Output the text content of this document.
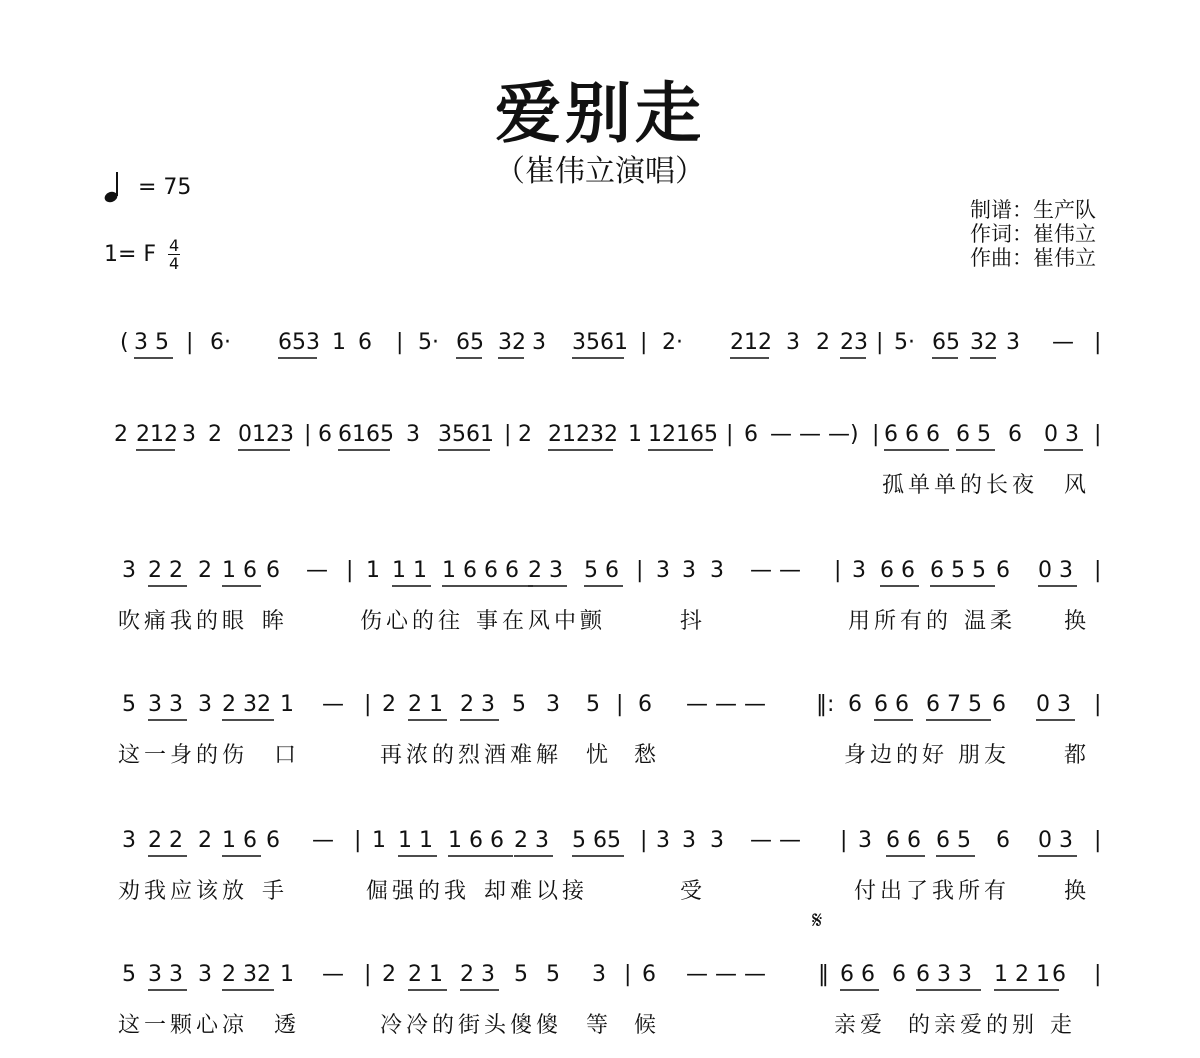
爱别走
（崔伟立演唱）
= 75
1= F 4
4
制谱：生产队
作词：崔伟立
作曲：崔伟立
𝄋
( 3 5 | 6· 653 1 6 | 5· 65 32 3 3561 | 2· 212 3 2 23 | 5· 65 32 3 — |
2 212 3 2 0123 | 6 6165 3 3561 | 2 21232 1 12165 | 6 — — —) | 6 6 6 6 5 6 0 3 |
孤单单的长夜 风
3 2 2 2 1 6 6 — | 1 1 1 1 6 6 6 2 3 5 6 | 3 3 3 — — | 3 6 6 6 5 5 6 0 3 |
吹痛我的眼 眸	伤心的往 事在风中颤	抖	用所有的 温柔 换
5 3 3 3 2 32 1 — | 2 2 1 2 3 5 3 5 | 6 — — — ‖: 6 6 6 6 7 5 6 0 3 |
这一身的伤 口	再浓的烈酒难解 忧 愁	身边的好 朋友 都
3 2 2 2 1 6 6 — | 1 1 1 1 6 6 2 3 5 65 | 3 3 3 — — | 3 6 6 6 5 6 0 3 |
劝我应该放 手	倔强的我 却难以接	受	付出了我所有 换
5 3 3 3 2 32 1 — | 2 2 1 2 3 5 5 3 | 6 — — — ‖ 6 6 6 6 3 3 1 2 1 6 |
这一颗心凉 透	冷冷的街头傻傻 等 候	亲爱 的亲爱的别 走
